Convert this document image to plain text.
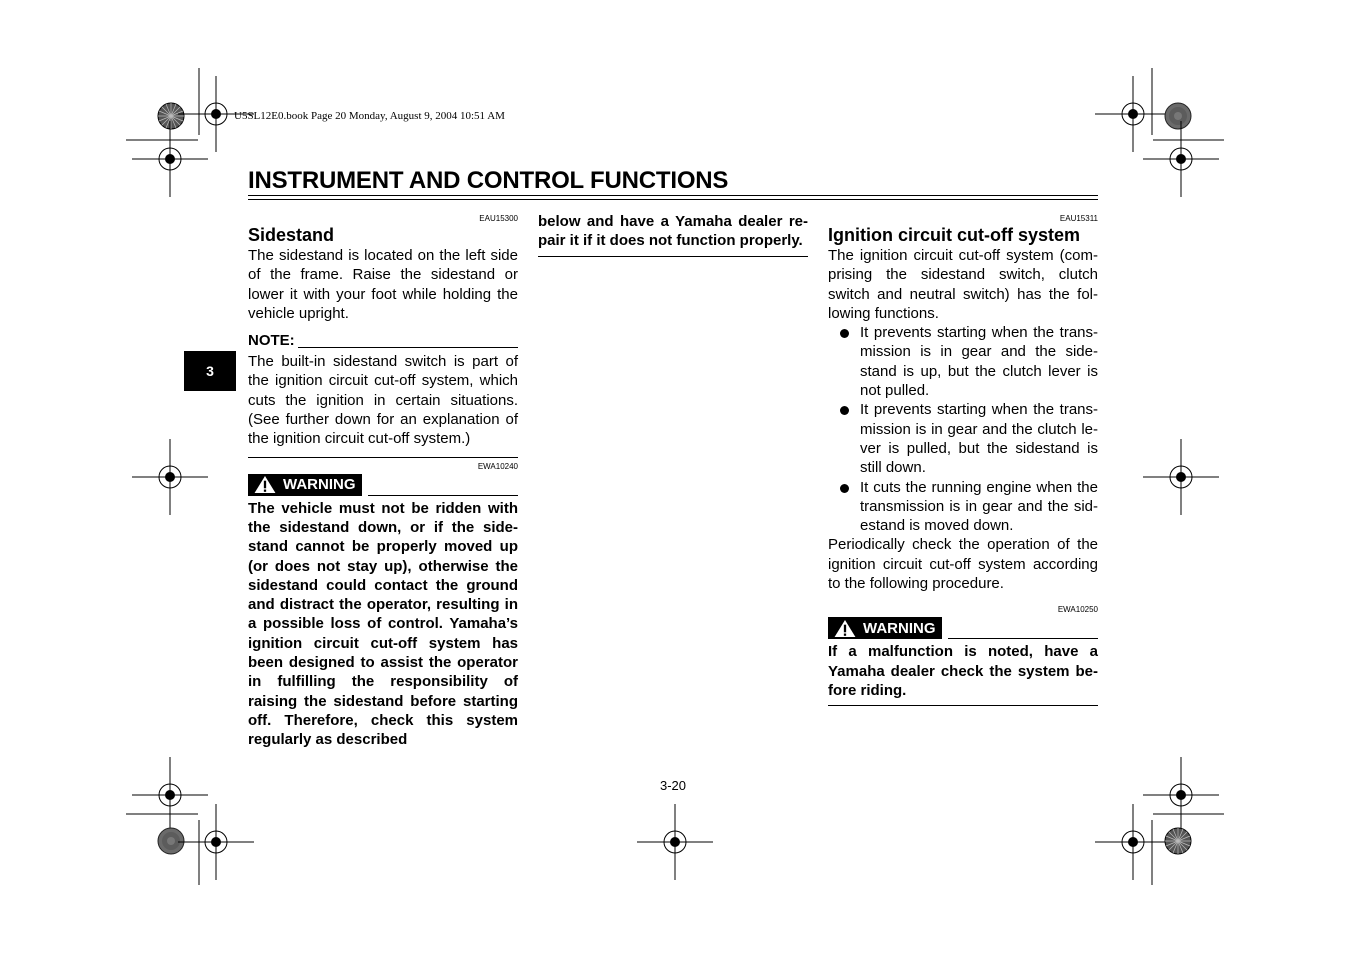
U5SL12E0.book Page 20 Monday, August 9, 2004 10:51 AM
INSTRUMENT AND CONTROL FUNCTIONS
3
EAU15300
Sidestand

The sidestand is located on the left side of the frame. Raise the sidestand or lower it with your foot while holding the vehicle upright.

NOTE:

The built-in sidestand switch is part of the ignition circuit cut-off system, which cuts the ignition in certain situations. (See further down for an explanation of the ignition circuit cut-off system.)

EWA10240
WARNING

The vehicle must not be ridden with the sidestand down, or if the sidestand cannot be properly moved up (or does not stay up), otherwise the sidestand could contact the ground and distract the operator, resulting in a possible loss of control. Yamaha’s ignition circuit cut-off system has been designed to assist the operator in fulfilling the responsibility of raising the sidestand before starting off. Therefore, check this system regularly as described

below and have a Yamaha dealer repair it if it does not function properly.

EAU15311
Ignition circuit cut-off system

The ignition circuit cut-off system (comprising the sidestand switch, clutch switch and neutral switch) has the following functions.

It prevents starting when the transmission is in gear and the sidestand is up, but the clutch lever is not pulled.
It prevents starting when the transmission is in gear and the clutch lever is pulled, but the sidestand is still down.
It cuts the running engine when the transmission is in gear and the sidestand is moved down.

Periodically check the operation of the ignition circuit cut-off system according to the following procedure.

EWA10250
WARNING

If a malfunction is noted, have a Yamaha dealer check the system before riding.

3-20
